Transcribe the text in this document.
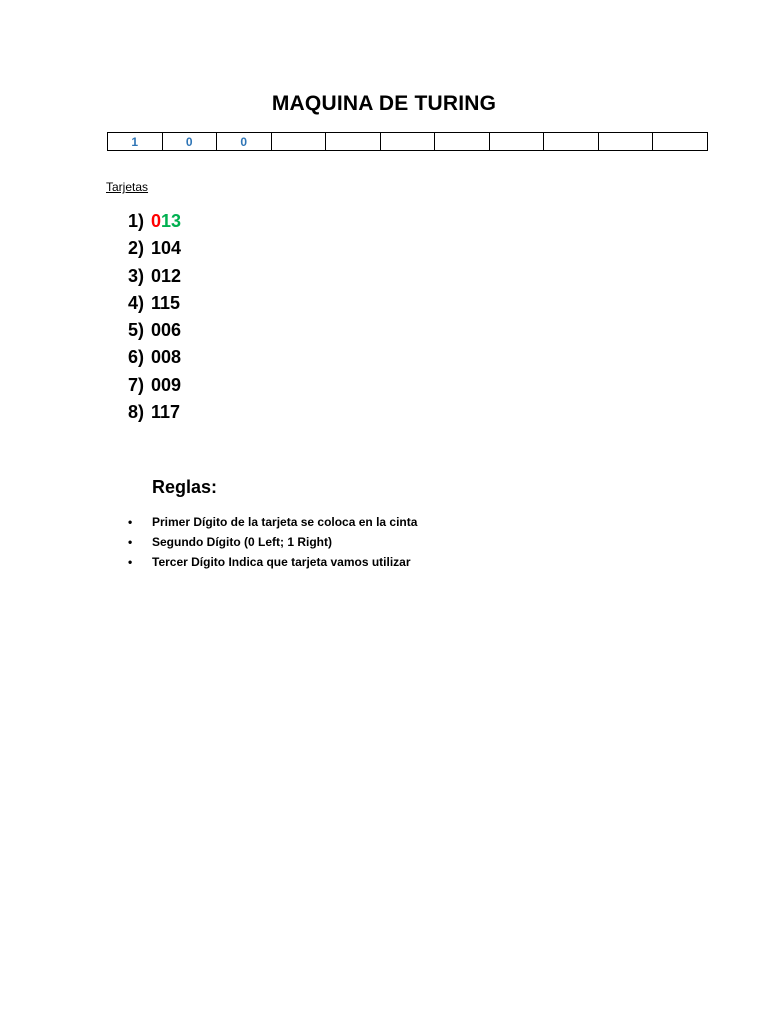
MAQUINA DE TURING
1	0	0								
Tarjetas
1) 013
2) 104
3) 012
4) 115
5) 006
6) 008
7) 009
8) 117
Reglas:
• Primer Dígito de la tarjeta se coloca en la cinta
• Segundo Dígito (0 Left; 1 Right)
• Tercer Dígito Indica que tarjeta vamos utilizar
